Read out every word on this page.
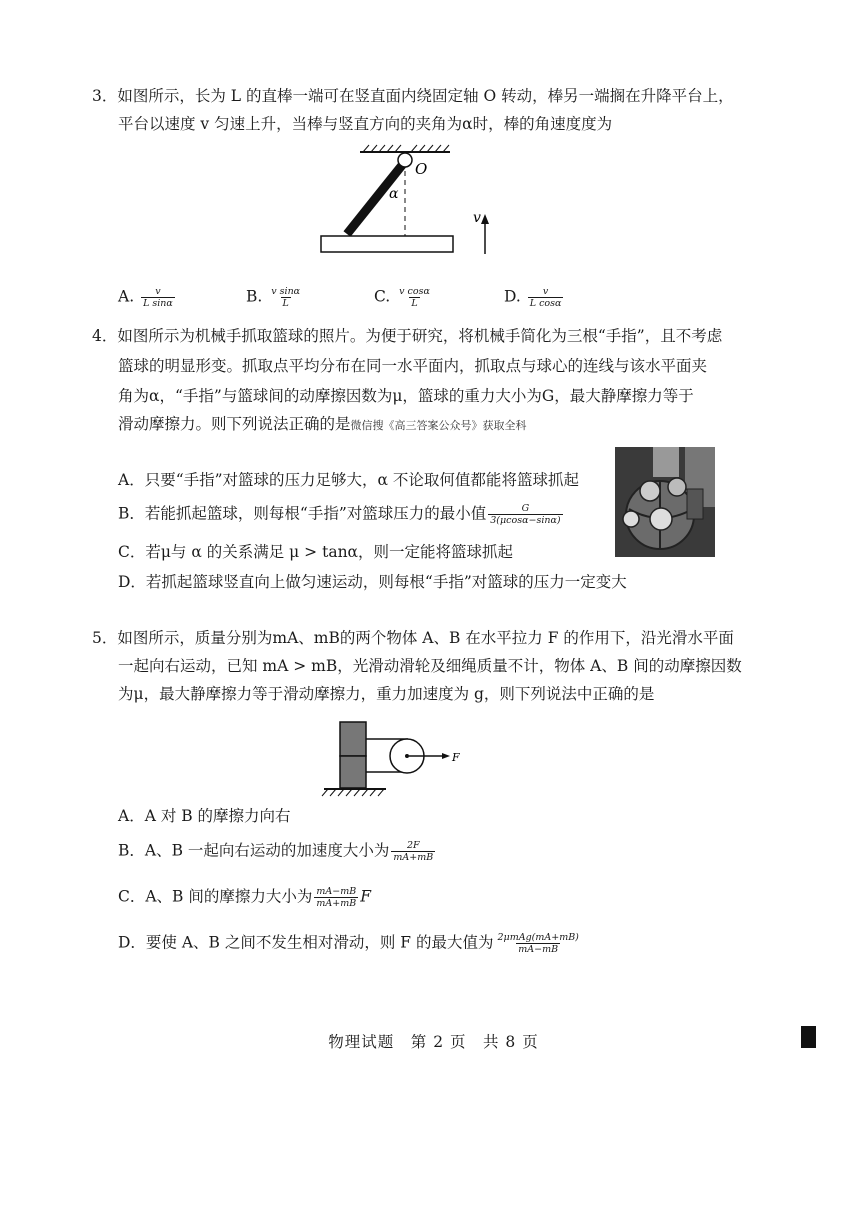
3．如图所示，长为 L 的直棒一端可在竖直面内绕固定轴 O 转动，棒另一端搁在升降平台上，
平台以速度 v 匀速上升，当棒与竖直方向的夹角为α时，棒的角速度度为
O
α
v
A. $\frac{v}{\text{L sinα}}$	B. $\frac{\text{v sinα}}{L}$	C. $\frac{\text{v cosα}}{L}$	D. $\frac{v}{\text{L cosα}}$
4．如图所示为机械手抓取篮球的照片。为便于研究，将机械手简化为三根“手指”，且不考虑
篮球的明显形变。抓取点平均分布在同一水平面内，抓取点与球心的连线与该水平面夹
角为α，“手指”与篮球间的动摩擦因数为μ，篮球的重力大小为G，最大静摩擦力等于
滑动摩擦力。则下列说法正确的是微信搜《高三答案公众号》获取全科
A．只要“手指”对篮球的压力足够大，α 不论取何值都能将篮球抓起
B．若能抓起篮球，则每根“手指”对篮球压力的最小值 $\frac{G}{3(\mu\cos\alpha-\sin\alpha)}$
C．若μ与 α 的关系满足 μ > tanα，则一定能将篮球抓起
D．若抓起篮球竖直向上做匀速运动，则每根“手指”对篮球的压力一定变大
5．如图所示，质量分别为mA、mB的两个物体 A、B 在水平拉力 F 的作用下，沿光滑水平面
一起向右运动，已知 mA > mB，光滑动滑轮及细绳质量不计，物体 A、B 间的动摩擦因数
为μ，最大静摩擦力等于滑动摩擦力，重力加速度为 g，则下列说法中正确的是
F
A．A 对 B 的摩擦力向右
B．A、B 一起向右运动的加速度大小为 $\frac{2F}{mA+mB}$
C．A、B 间的摩擦力大小为 $\frac{mA-mB}{mA+mB}$ F
D．要使 A、B 之间不发生相对滑动，则 F 的最大值为 $\frac{\text{2μmAg(mA+mB)}}{mA-mB}$
物理试题　第 2 页　共 8 页
